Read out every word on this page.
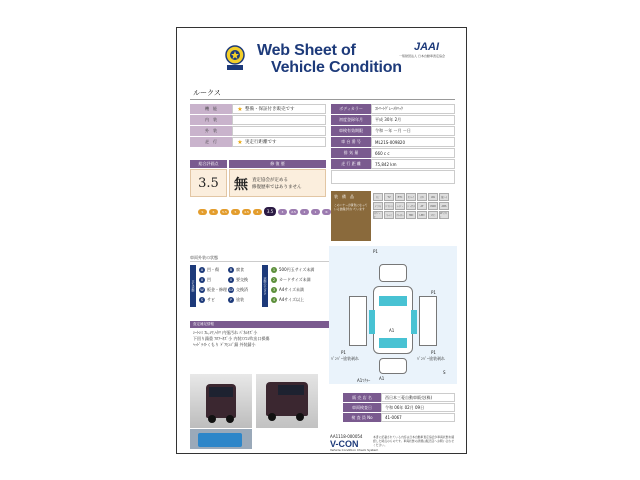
Web Sheet of
Vehicle Condition
JAAI
一般財団法人 日本自動車査定協会
ルークス
機　能	★ 整備・保証付き販売です
内　装
外　装
走　行	★ 実走行距離です
ボディカラー	ｽﾄﾘｰﾄｸﾞﾚｰﾒﾀﾘｯｸ
初度登録年月	平成 30年 2月
車検有効期限	令和 ー年 ー月 ー日
車 台 番 号	ML21S-009820
排 気 量	660 c c
走 行 距 離	75,842 km
総合評価点	修 復 歴
3.5	無 査定協会が定める
修復歴車ではありません
S	6	5.5	5	4.5	4	3.5	3	2.5	2	1	R
装　備　品
このバナーが黄色になっている装備が付いています
ﾅﾋﾞ	TV	ETC	ｻﾝﾙｰﾌ	ｴｱﾛ	AW	革ｼｰﾄ
ﾊﾟﾜｽﾗ	ﾊﾟﾜｼｰﾄ	ﾚｰﾀﾞｰ	ﾊﾞｯｸｶﾒ	AT	4WD	ABS
ｴｱﾊﾞｯｸﾞ
ｷｰﾚｽ	ｽﾏｰﾄｷｰ	HID	LED	ｴｱｺﾝ
W ｴｱｺﾝ
車両外装の状態
主な状態	状態の大きさ
A 凹・傷
U 凹
W 板金・修理
S サビ
B 腐食
X 要交換
XX 交換済
P 塗装
1 500円玉サイズ未満
2 カードサイズ未満
3 A4サイズ未満
4 A4サイズ以上
査定補足情報
ｼｰﾄｼﾐ ｽﾚ,ｼﾜ,ﾍﾀﾘ 内張汚れ ﾊﾟﾈﾙｷｽﾞ小
下回り錆重 ﾌﾛｱｰｷｽﾞ小 内装ｴｱｺﾝ吹出口損傷
ﾍｯﾄﾞﾗｲﾄくもり ﾄﾞｱﾋﾝｼﾞ錆 外装錆小
P1
A1
P1
ﾊﾞﾝﾊﾟｰ塗装剥れ
P1
P1
ﾊﾞﾝﾊﾟｰ塗装剥れ
A1
A1ﾏｸﾗｰ
S
販 売 店 名	西日本三菱自動車販売(株)
車両検査日	令和 06年 02月 09日
検 査 員 No	41-0067
AA1118-000054
V-CON
Vehicle Condition Check System
本書に記載されている内容は日本自動車査定協会が車両状態を確認した時点のものです。車両状態の詳細は販売店へお問い合わせください。
